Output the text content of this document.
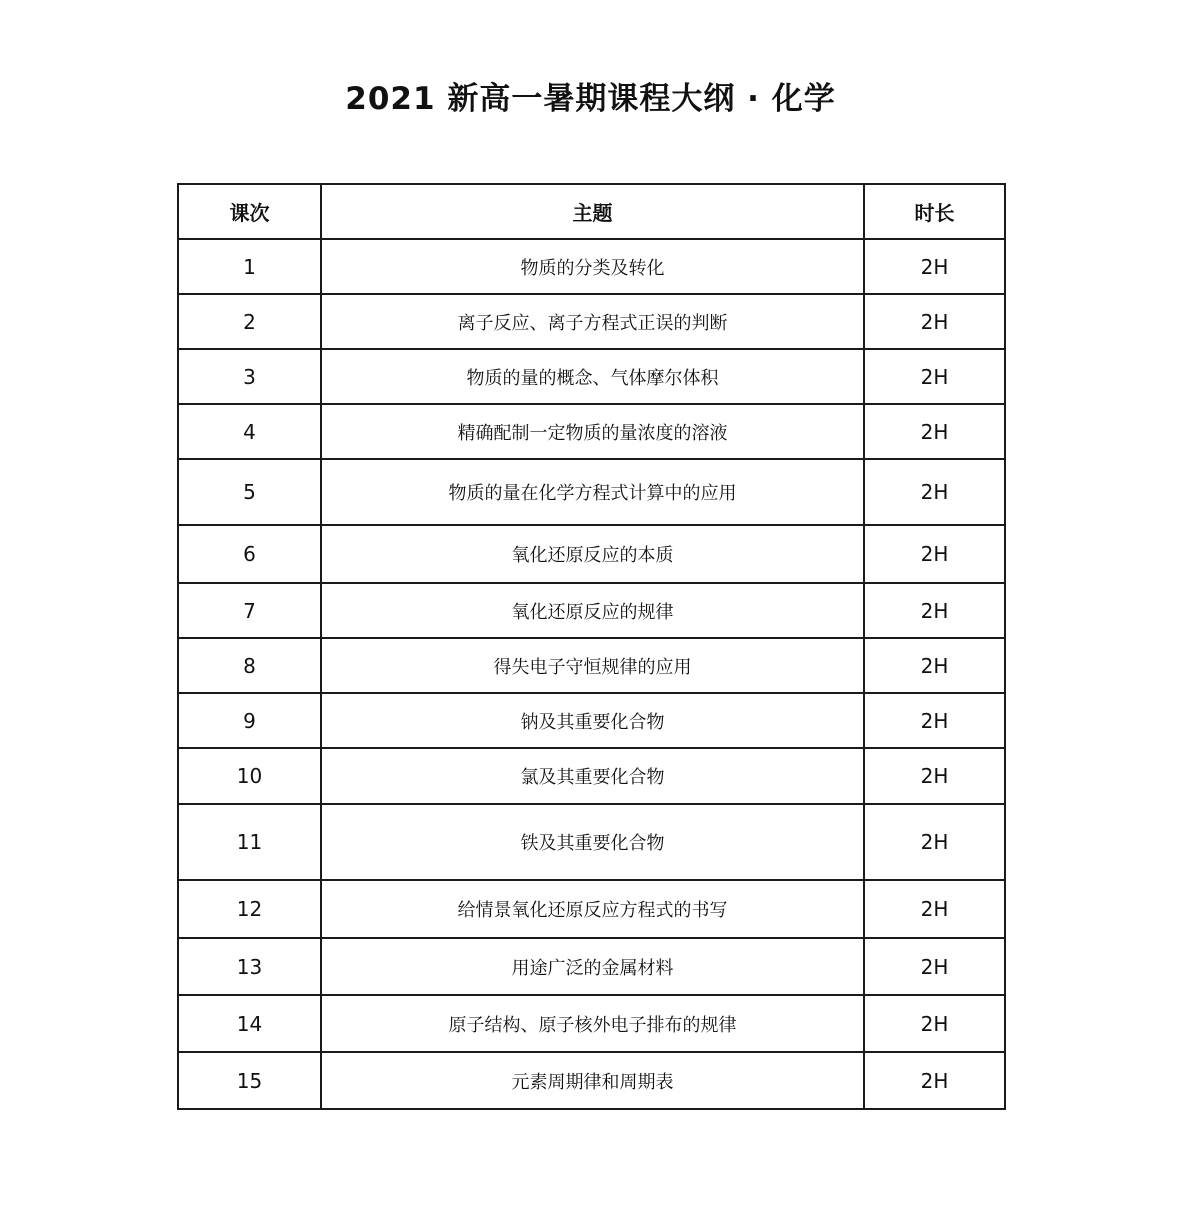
2021 新高一暑期课程大纲 · 化学
课次	主题	时长
1	物质的分类及转化	2H
2	离子反应、离子方程式正误的判断	2H
3	物质的量的概念、气体摩尔体积	2H
4	精确配制一定物质的量浓度的溶液	2H
5	物质的量在化学方程式计算中的应用	2H
6	氧化还原反应的本质	2H
7	氧化还原反应的规律	2H
8	得失电子守恒规律的应用	2H
9	钠及其重要化合物	2H
10	氯及其重要化合物	2H
11	铁及其重要化合物	2H
12	给情景氧化还原反应方程式的书写	2H
13	用途广泛的金属材料	2H
14	原子结构、原子核外电子排布的规律	2H
15	元素周期律和周期表	2H
